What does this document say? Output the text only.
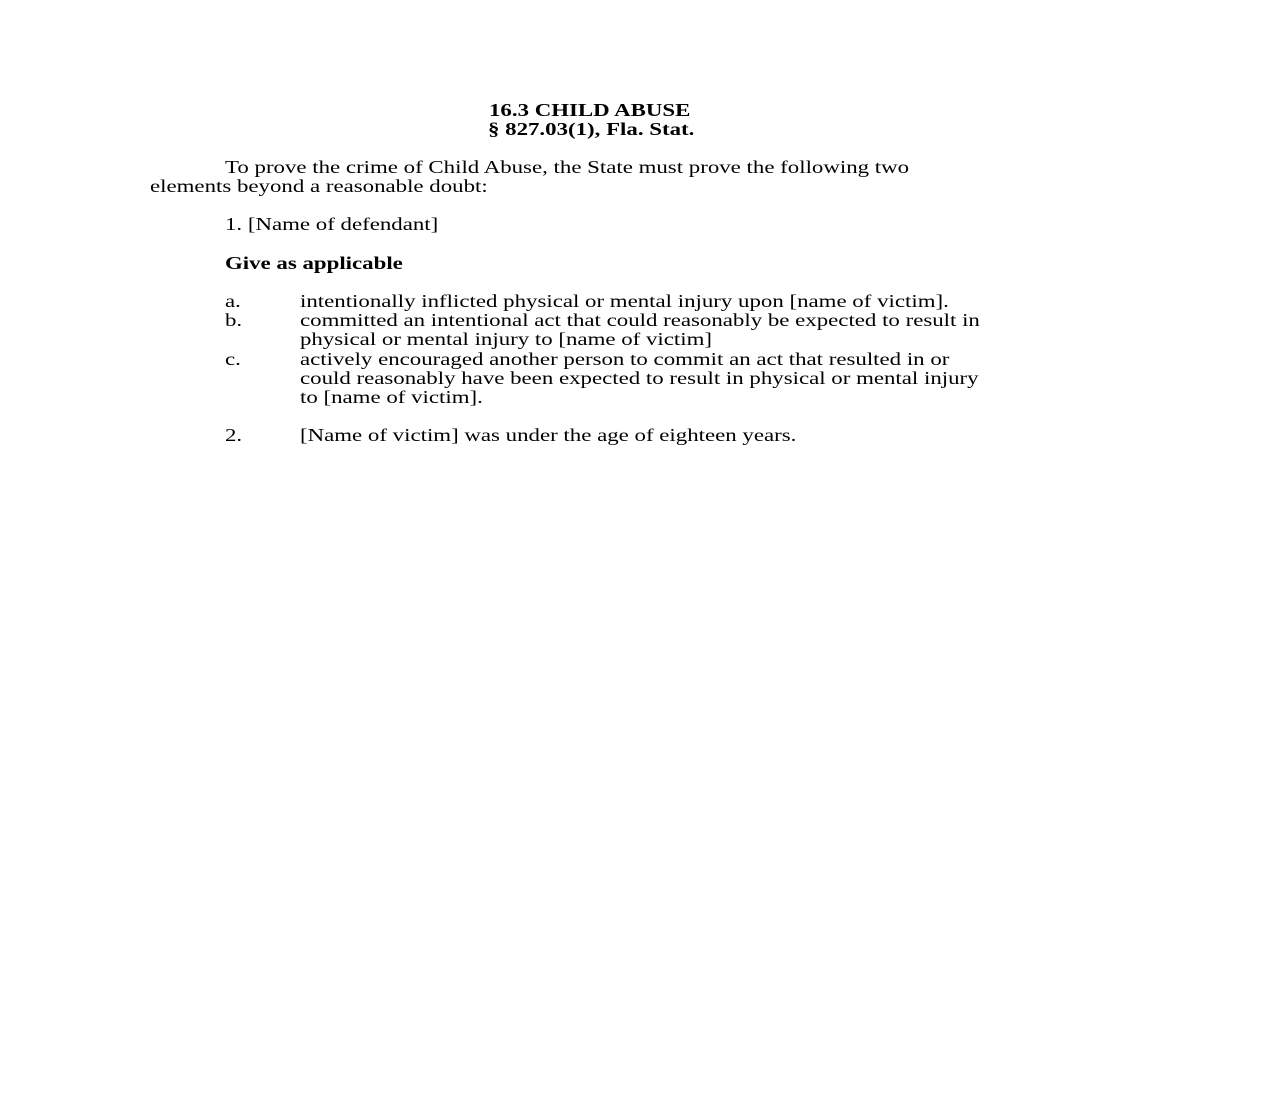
16.3 CHILD ABUSE
§ 827.03(1), Fla. Stat.
To prove the crime of Child Abuse, the State must prove the following two
elements beyond a reasonable doubt:
1. [Name of defendant]
Give as applicable
a.	intentionally inflicted physical or mental injury upon [name of victim].
b.	committed an intentional act that could reasonably be expected to result in
physical or mental injury to [name of victim]
c.	actively encouraged another person to commit an act that resulted in or
could reasonably have been expected to result in physical or mental injury
to [name of victim].
2.	[Name of victim] was under the age of eighteen years.
